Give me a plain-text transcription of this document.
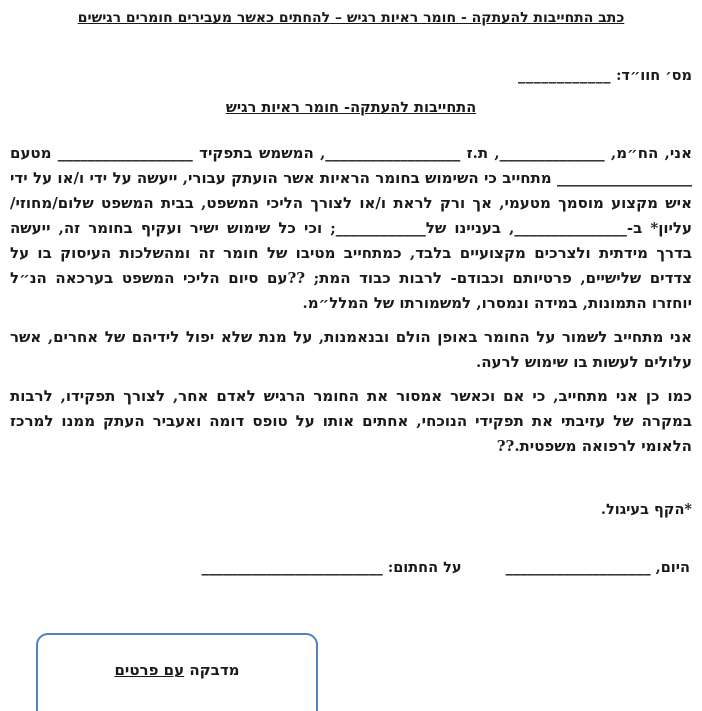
כתב התחייבות להעתקה - חומר ראיות רגיש – להחתים כאשר מעבירים חומרים רגישים
מס׳ חוו״ד: ____________
התחייבות להעתקה- חומר ראיות רגיש

אני, הח״מ, ______________, ת.ז __________________, המשמש בתפקיד __________________ מטעם __________________ מתחייב כי השימוש בחומר הראיות אשר הועתק עבורי, ייעשה על ידי ו/או על ידי איש מקצוע מוסמך מטעמי, אך ורק לראת ו/או לצורך הליכי המשפט, בבית המשפט שלום/מחוזי/ עליון* ב-_______________, בעניינו של____________; וכי כל שימוש ישיר ועקיף בחומר זה, ייעשה בדרך מידתית ולצרכים מקצועיים בלבד, כמתחייב מטיבו של חומר זה ומהשלכות העיסוק בו על צדדים שלישיים, פרטיותם וכבודם- לרבות כבוד המת; ??עם סיום הליכי המשפט בערכאה הנ״ל יוחזרו התמונות, במידה ונמסרו, למשמורתו של המלל״מ.

אני מתחייב לשמור על החומר באופן הולם ובנאמנות, על מנת שלא יפול לידיהם של אחרים, אשר עלולים לעשות בו שימוש לרעה.

כמו כן אני מתחייב, כי אם וכאשר אמסור את החומר הרגיש לאדם אחר, לצורך תפקידו, לרבות במקרה של עזיבתי את תפקידי הנוכחי, אחתים אותו על טופס דומה ואעביר העתק ממנו למרכז הלאומי לרפואה משפטית.??

*הקף בעיגול.
היום, ____________________
על החתום: _________________________
מדבקה עם פרטים
